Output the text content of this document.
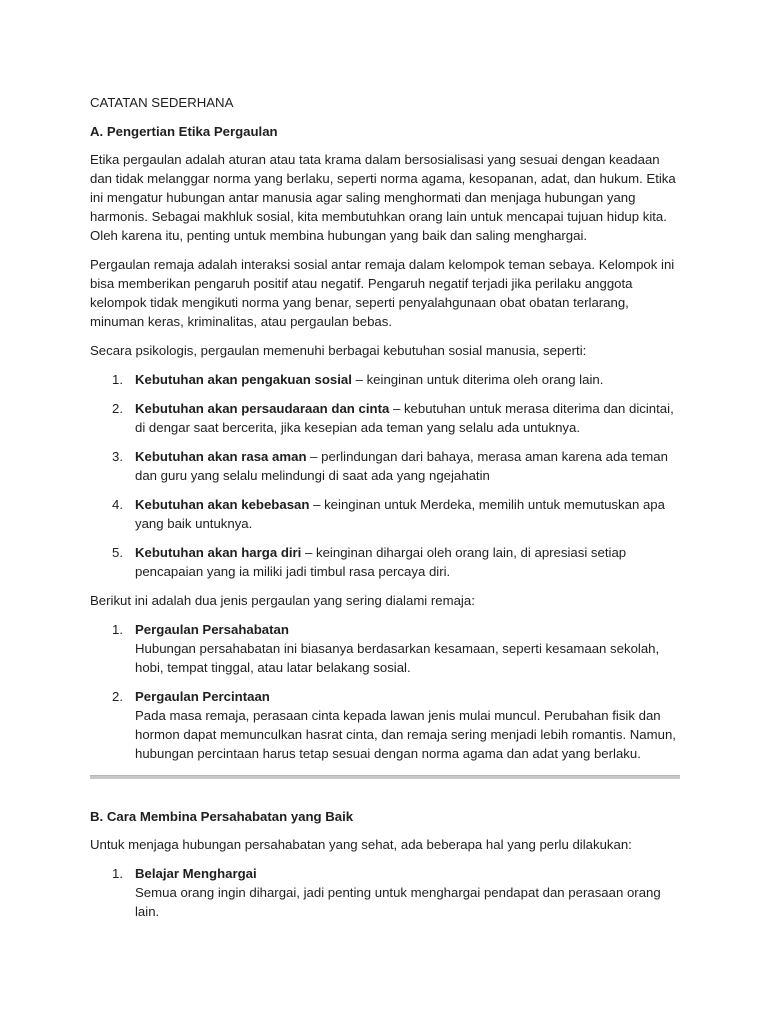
CATATAN SEDERHANA

A. Pengertian Etika Pergaulan

Etika pergaulan adalah aturan atau tata krama dalam bersosialisasi yang sesuai dengan keadaan dan tidak melanggar norma yang berlaku, seperti norma agama, kesopanan, adat, dan hukum. Etika ini mengatur hubungan antar manusia agar saling menghormati dan menjaga hubungan yang harmonis. Sebagai makhluk sosial, kita membutuhkan orang lain untuk mencapai tujuan hidup kita. Oleh karena itu, penting untuk membina hubungan yang baik dan saling menghargai.

Pergaulan remaja adalah interaksi sosial antar remaja dalam kelompok teman sebaya. Kelompok ini bisa memberikan pengaruh positif atau negatif. Pengaruh negatif terjadi jika perilaku anggota kelompok tidak mengikuti norma yang benar, seperti penyalahgunaan obat obatan terlarang, minuman keras, kriminalitas, atau pergaulan bebas.

Secara psikologis, pergaulan memenuhi berbagai kebutuhan sosial manusia, seperti:

1. Kebutuhan akan pengakuan sosial – keinginan untuk diterima oleh orang lain.
2. Kebutuhan akan persaudaraan dan cinta – kebutuhan untuk merasa diterima dan dicintai, di dengar saat bercerita, jika kesepian ada teman yang selalu ada untuknya.
3. Kebutuhan akan rasa aman – perlindungan dari bahaya, merasa aman karena ada teman dan guru yang selalu melindungi di saat ada yang ngejahatin
4. Kebutuhan akan kebebasan – keinginan untuk Merdeka, memilih untuk memutuskan apa yang baik untuknya.
5. Kebutuhan akan harga diri – keinginan dihargai oleh orang lain, di apresiasi setiap pencapaian yang ia miliki jadi timbul rasa percaya diri.

Berikut ini adalah dua jenis pergaulan yang sering dialami remaja:

1. Pergaulan Persahabatan
Hubungan persahabatan ini biasanya berdasarkan kesamaan, seperti kesamaan sekolah, hobi, tempat tinggal, atau latar belakang sosial.
2. Pergaulan Percintaan
Pada masa remaja, perasaan cinta kepada lawan jenis mulai muncul. Perubahan fisik dan hormon dapat memunculkan hasrat cinta, dan remaja sering menjadi lebih romantis. Namun, hubungan percintaan harus tetap sesuai dengan norma agama dan adat yang berlaku.

B. Cara Membina Persahabatan yang Baik

Untuk menjaga hubungan persahabatan yang sehat, ada beberapa hal yang perlu dilakukan:

1. Belajar Menghargai
Semua orang ingin dihargai, jadi penting untuk menghargai pendapat dan perasaan orang lain.
